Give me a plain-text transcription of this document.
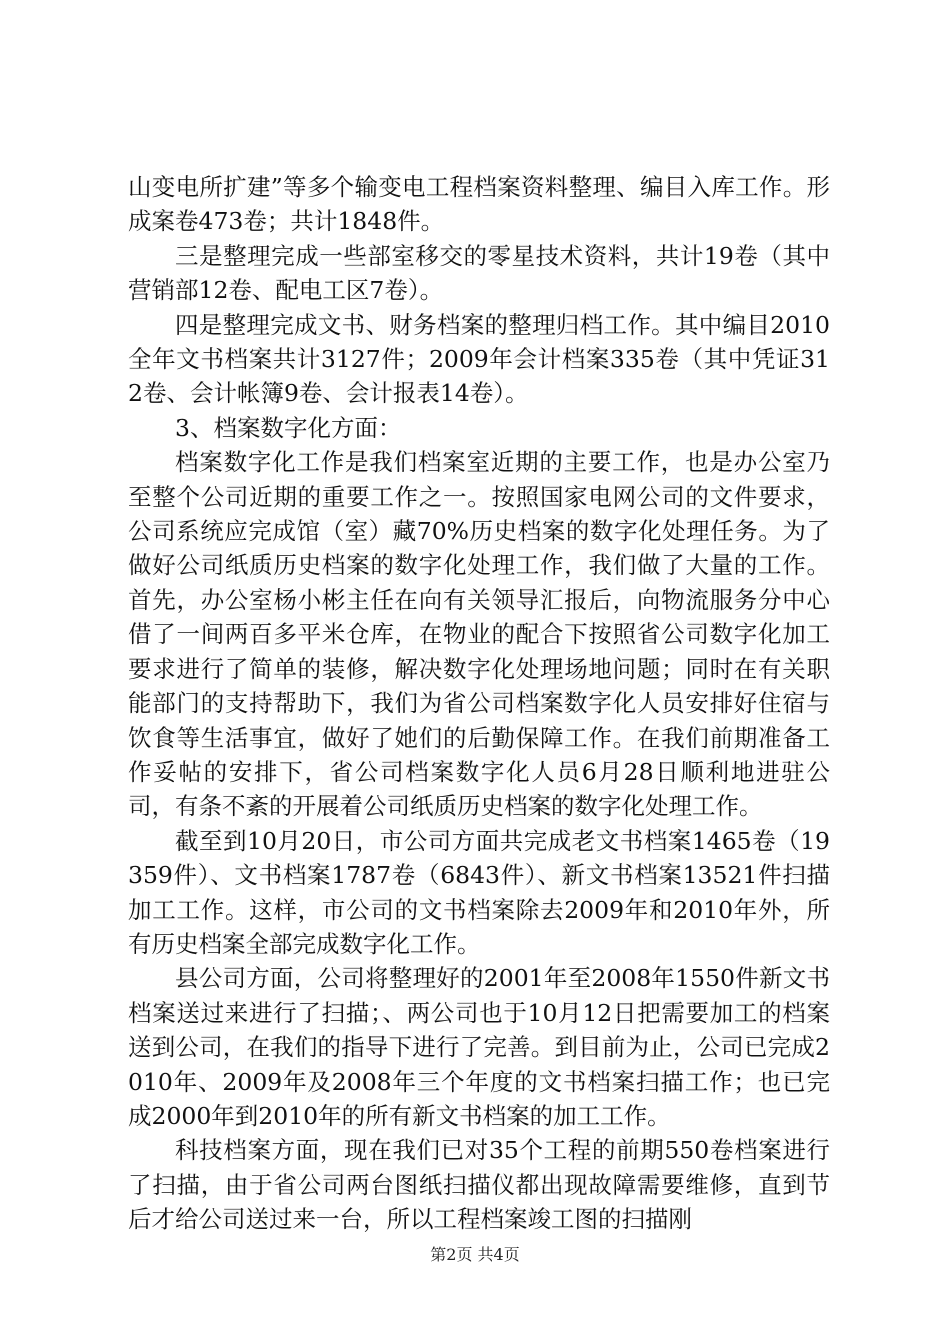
山变电所扩建”等多个输变电工程档案资料整理、编目入库工作。形成案卷473卷；共计1848件。

三是整理完成一些部室移交的零星技术资料，共计19卷（其中营销部12卷、配电工区7卷）。

四是整理完成文书、财务档案的整理归档工作。其中编目2010全年文书档案共计3127件；2009年会计档案335卷（其中凭证312卷、会计帐簿9卷、会计报表14卷）。

3、档案数字化方面：

档案数字化工作是我们档案室近期的主要工作，也是办公室乃至整个公司近期的重要工作之一。按照国家电网公司的文件要求，公司系统应完成馆（室）藏70%历史档案的数字化处理任务。为了做好公司纸质历史档案的数字化处理工作，我们做了大量的工作。首先，办公室杨小彬主任在向有关领导汇报后，向物流服务分中心借了一间两百多平米仓库，在物业的配合下按照省公司数字化加工要求进行了简单的装修，解决数字化处理场地问题；同时在有关职能部门的支持帮助下，我们为省公司档案数字化人员安排好住宿与饮食等生活事宜，做好了她们的后勤保障工作。在我们前期准备工作妥帖的安排下，省公司档案数字化人员6月28日顺利地进驻公司，有条不紊的开展着公司纸质历史档案的数字化处理工作。

截至到10月20日，市公司方面共完成老文书档案1465卷（19359件）、文书档案1787卷（6843件）、新文书档案13521件扫描加工工作。这样，市公司的文书档案除去2009年和2010年外，所有历史档案全部完成数字化工作。

县公司方面，公司将整理好的2001年至2008年1550件新文书档案送过来进行了扫描；、两公司也于10月12日把需要加工的档案送到公司，在我们的指导下进行了完善。到目前为止，公司已完成2010年、2009年及2008年三个年度的文书档案扫描工作；也已完成2000年到2010年的所有新文书档案的加工工作。

科技档案方面，现在我们已对35个工程的前期550卷档案进行了扫描，由于省公司两台图纸扫描仪都出现故障需要维修，直到节后才给公司送过来一台，所以工程档案竣工图的扫描刚

第2页 共4页
